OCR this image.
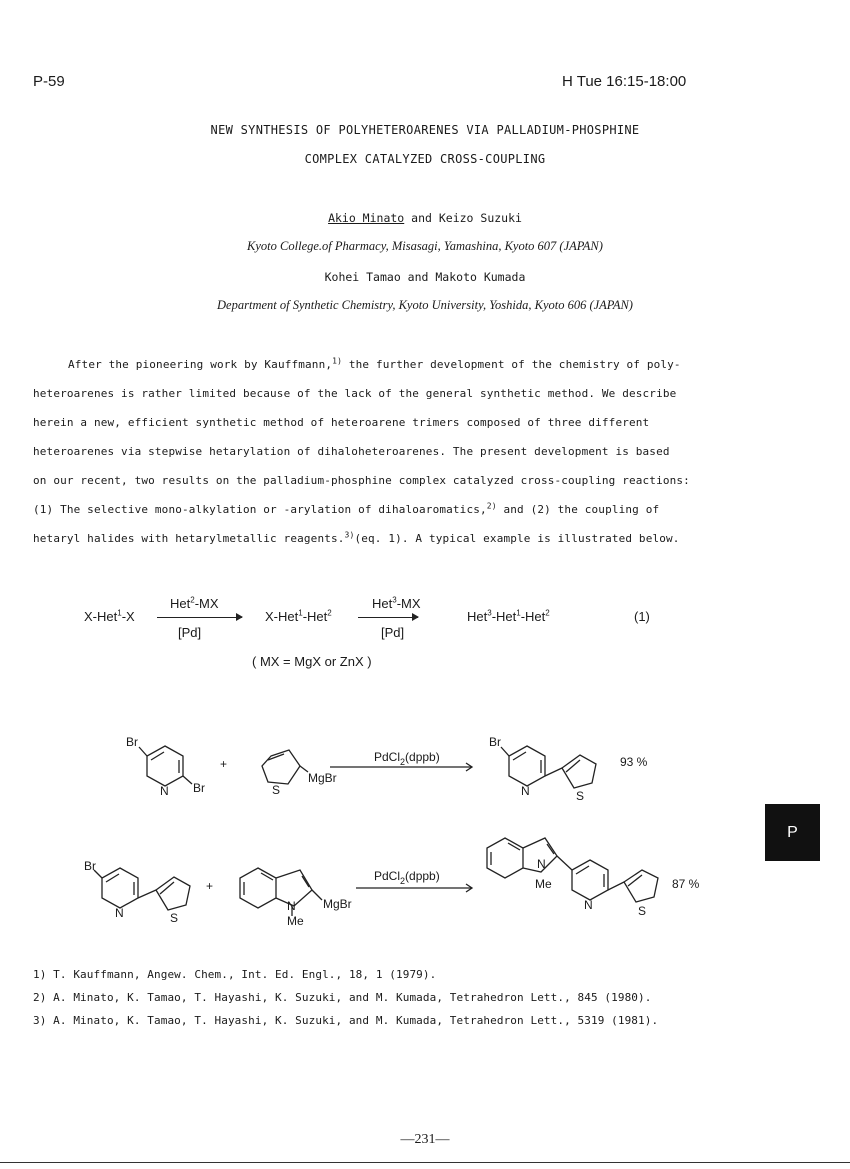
P-59	H Tue 16:15-18:00
NEW SYNTHESIS OF POLYHETEROARENES VIA PALLADIUM-PHOSPHINE
COMPLEX CATALYZED CROSS-COUPLING
Akio Minato and Keizo Suzuki
Kyoto College.of Pharmacy, Misasagi, Yamashina, Kyoto 607 (JAPAN)
Kohei Tamao and Makoto Kumada
Department of Synthetic Chemistry, Kyoto University, Yoshida, Kyoto 606 (JAPAN)
After the pioneering work by Kauffmann,$^{1)}$ the further development of the chemistry of poly-
heteroarenes is rather limited because of the lack of the general synthetic method. We describe
herein a new, efficient synthetic method of heteroarene trimers composed of three different
heteroarenes via stepwise hetarylation of dihaloheteroarenes. The present development is based
on our recent, two results on the palladium-phosphine complex catalyzed cross-coupling reactions:
(1) The selective mono-alkylation or -arylation of dihaloaromatics,$^{2)}$ and (2) the coupling of
hetaryl halides with hetarylmetallic reagents.$^{3)}$(eq. 1). A typical example is illustrated below.
X-Het$^1$-X
Het$^2$-MX
[Pd]
X-Het$^1$-Het$^2$
Het$^3$-MX
[Pd]
Het$^3$-Het$^1$-Het$^2$	(1)
( MX = MgX or ZnX )
Br
N Br
+
S
MgBr
PdCl$_2$(dppb)
Br
N	S
93 %
Br
N	S
+
N
Me
MgBr
PdCl$_2$(dppb)
N
Me
N	S
87 %
P
1) T. Kauffmann, Angew. Chem., Int. Ed. Engl., 18, 1 (1979).
2) A. Minato, K. Tamao, T. Hayashi, K. Suzuki, and M. Kumada, Tetrahedron Lett., 845 (1980).
3) A. Minato, K. Tamao, T. Hayashi, K. Suzuki, and M. Kumada, Tetrahedron Lett., 5319 (1981).
—231—
